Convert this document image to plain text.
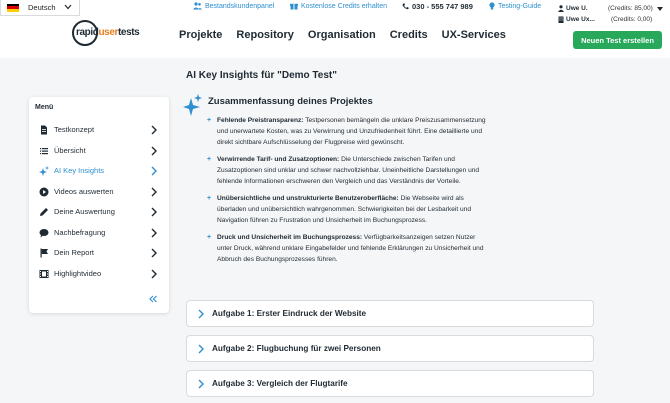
Deutsch	Bestandskundenpanel	Kostenlose Credits erhalten	030 - 555 747 989	Testing-Guide	Uwe U.	(Credits: 85,00)
Uwe Ux... (Credits: 0,00)
rapidusertests	Projekte Repository Organisation Credits UX-Services	Neuen Test erstellen
Menü
Testkonzept
Übersicht
AI Key Insights
Videos auswerten
Deine Auswertung
Nachbefragung
Dein Report
Highlightvideo
AI Key Insights für "Demo Test"
Zusammenfassung deines Projektes
+ Fehlende Preistransparenz: Testpersonen bemängeln die unklare Preiszusammensetzung und unerwartete Kosten, was zu Verwirrung und Unzufriedenheit führt. Eine detaillierte und direkt sichtbare Aufschlüsselung der Flugpreise wird gewünscht.
+ Verwirrende Tarif- und Zusatzoptionen: Die Unterschiede zwischen Tarifen und Zusatzoptionen sind unklar und schwer nachvollziehbar. Uneinheitliche Darstellungen und fehlende Informationen erschweren den Vergleich und das Verständnis der Vorteile.
+ Unübersichtliche und unstrukturierte Benutzeroberfläche: Die Webseite wird als überladen und unübersichtlich wahrgenommen. Schwierigkeiten bei der Lesbarkeit und Navigation führen zu Frustration und Unsicherheit im Buchungsprozess.
+ Druck und Unsicherheit im Buchungsprozess: Verfügbarkeitsanzeigen setzen Nutzer unter Druck, während unklare Eingabefelder und fehlende Erklärungen zu Unsicherheit und Abbruch des Buchungsprozesses führen.
Aufgabe 1: Erster Eindruck der Website
Aufgabe 2: Flugbuchung für zwei Personen
Aufgabe 3: Vergleich der Flugtarife
